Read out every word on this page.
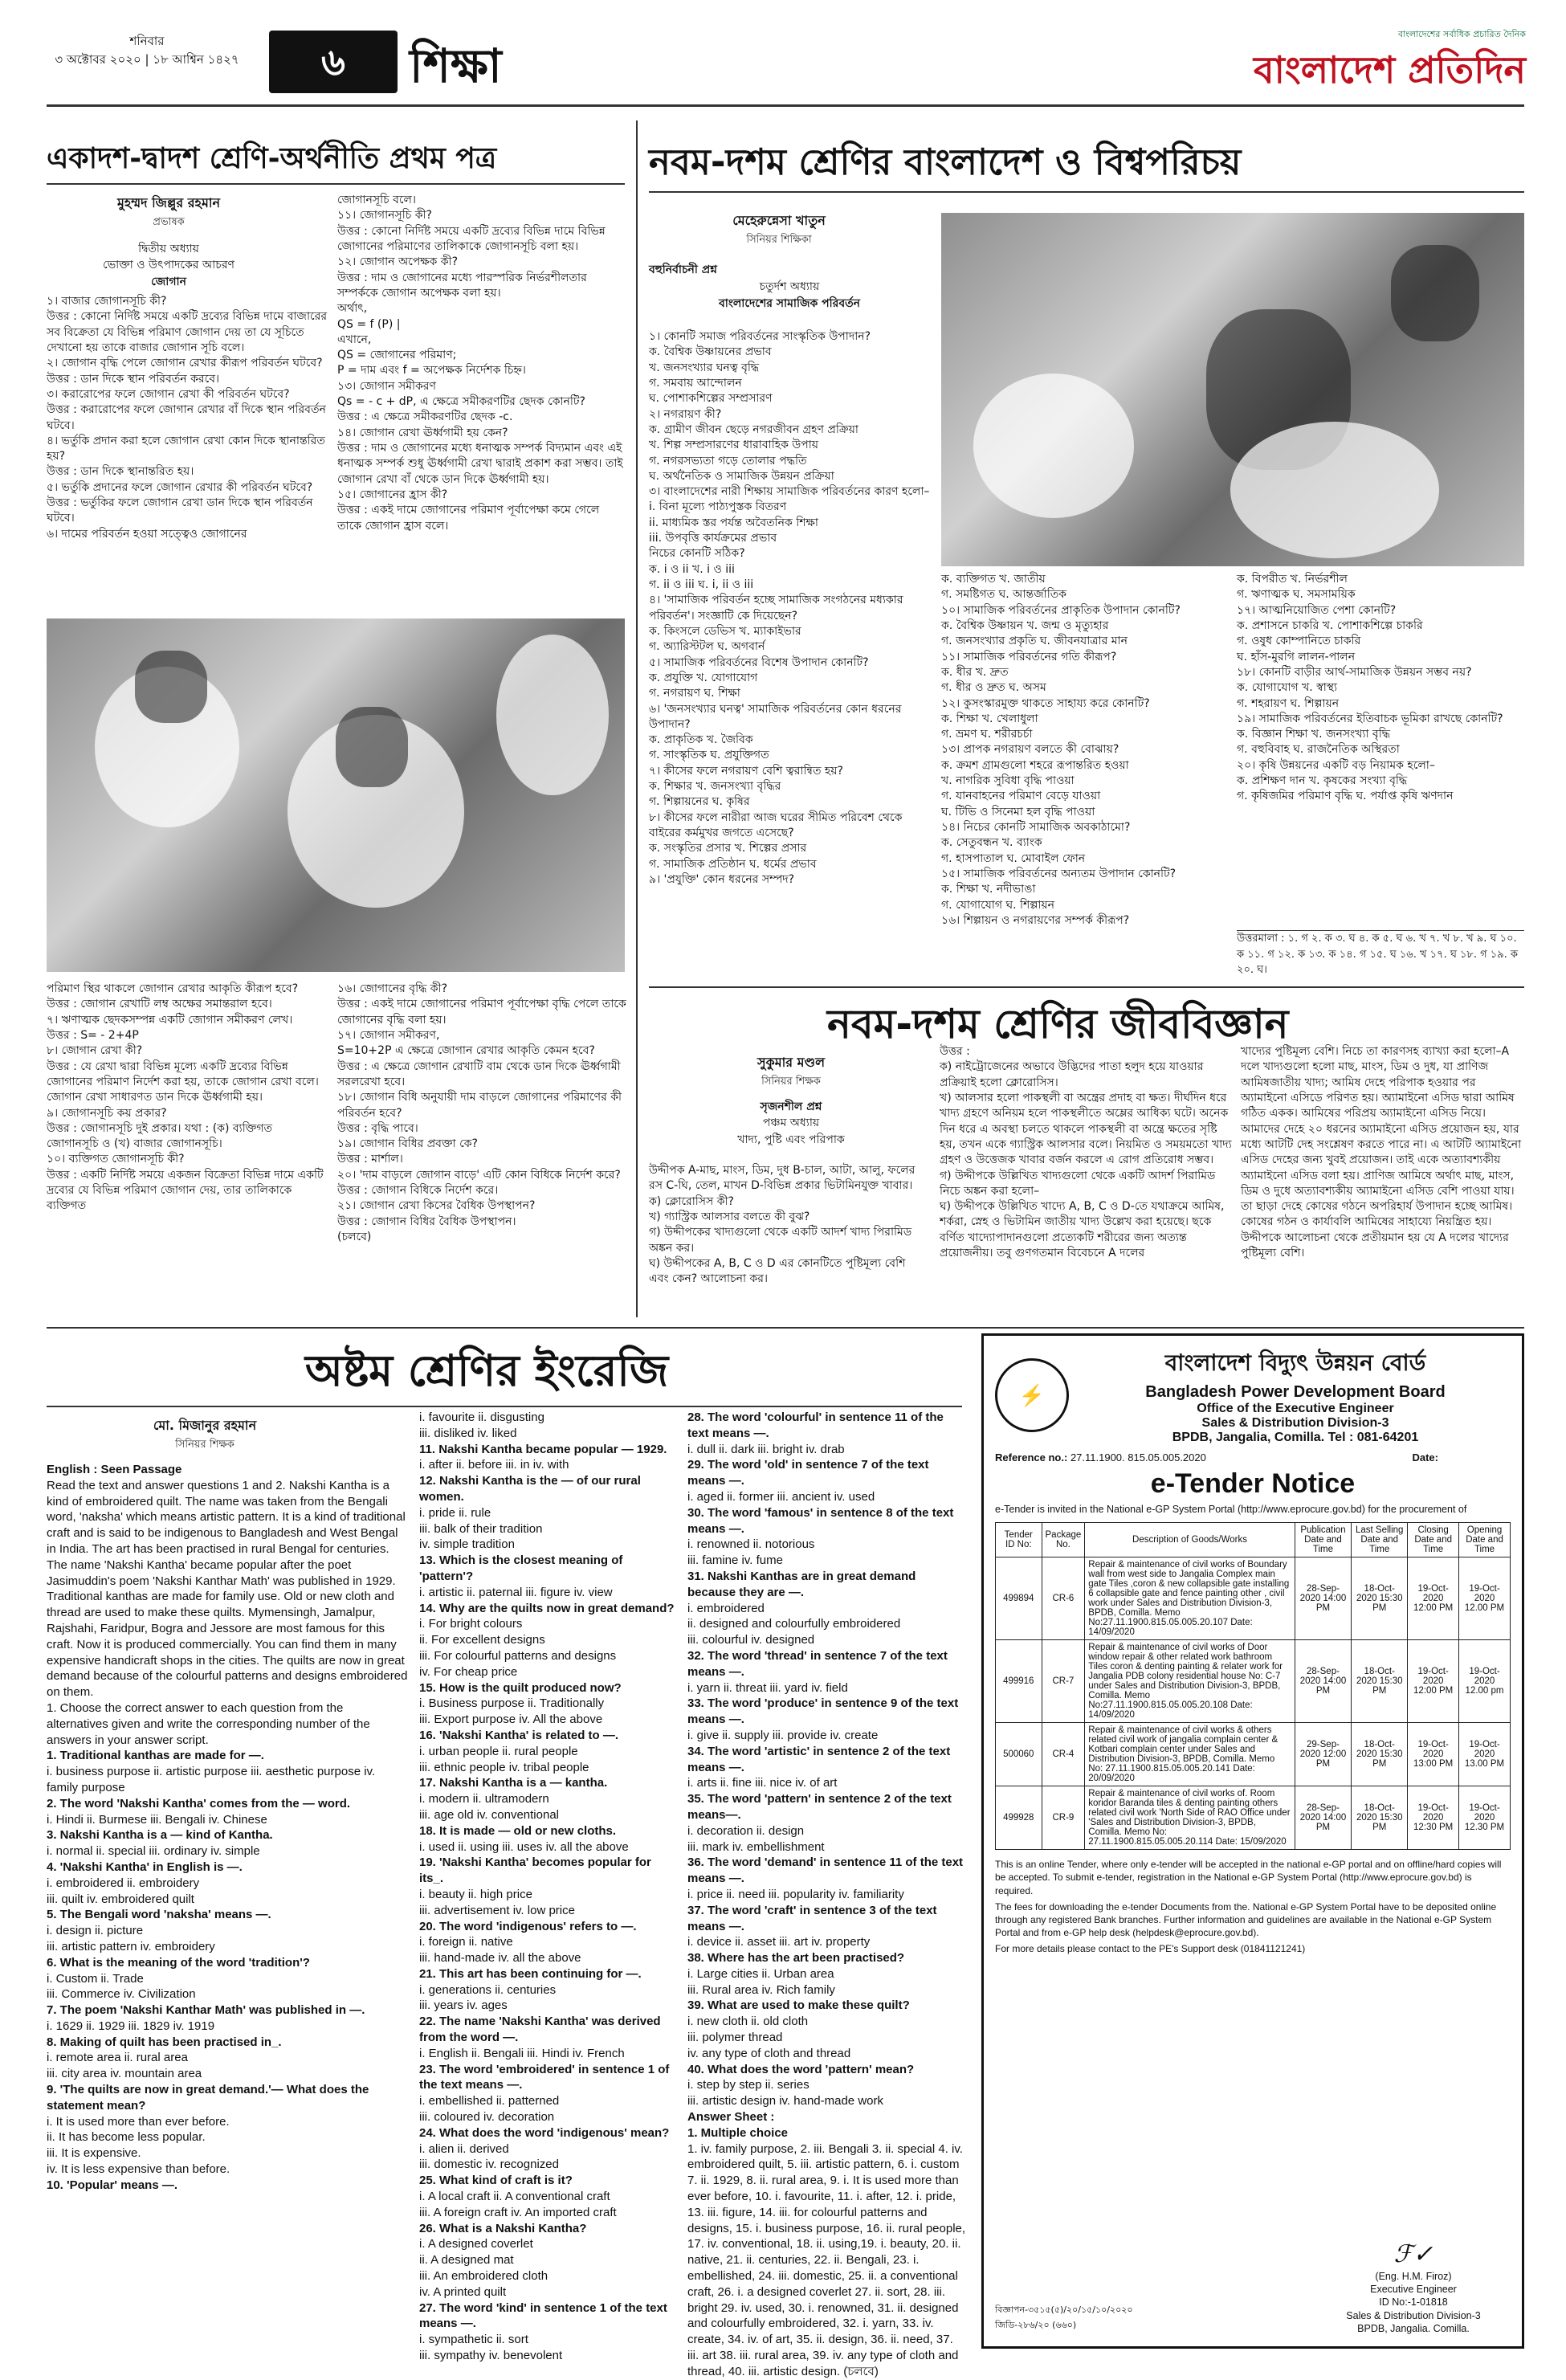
শনিবার
৩ অক্টোবর ২০২০ | ১৮ আশ্বিন ১৪২৭	৬	শিক্ষা
বাংলাদেশের সর্বাধিক প্রচারিত দৈনিক
বাংলাদেশ প্রতিদিন
একাদশ-দ্বাদশ শ্রেণি-অর্থনীতি প্রথম পত্র
মুহম্মদ জিল্লুর রহমান
প্রভাষক
দ্বিতীয় অধ্যায়
ভোক্তা ও উৎপাদকের আচরণ
জোগান
১। বাজার জোগানসূচি কী?
উত্তর : কোনো নির্দিষ্ট সময়ে একটি দ্রব্যের বিভিন্ন দামে বাজারের সব বিক্রেতা যে বিভিন্ন পরিমাণ জোগান দেয় তা যে সূচিতে দেখানো হয় তাকে বাজার জোগান সূচি বলে।
২। জোগান বৃদ্ধি পেলে জোগান রেখার কীরূপ পরিবর্তন ঘটবে?
উত্তর : ডান দিকে স্থান পরিবর্তন করবে।
৩। করারোপের ফলে জোগান রেখা কী পরিবর্তন ঘটবে?
উত্তর : করারোপের ফলে জোগান রেখার বাঁ দিকে স্থান পরিবর্তন ঘটবে।
৪। ভর্তুকি প্রদান করা হলে জোগান রেখা কোন দিকে স্থানান্তরিত হয়?
উত্তর : ডান দিকে স্থানান্তরিত হয়।
৫। ভর্তুকি প্রদানের ফলে জোগান রেখার কী পরিবর্তন ঘটবে?
উত্তর : ভর্তুকির ফলে জোগান রেখা ডান দিকে স্থান পরিবর্তন ঘটবে।
৬। দামের পরিবর্তন হওয়া সত্ত্বেও জোগানের
জোগানসূচি বলে।
১১। জোগানসূচি কী?
উত্তর : কোনো নির্দিষ্ট সময়ে একটি দ্রব্যের বিভিন্ন দামে বিভিন্ন জোগানের পরিমাণের তালিকাকে জোগানসূচি বলা হয়।
১২। জোগান অপেক্ষক কী?
উত্তর : দাম ও জোগানের মধ্যে পারস্পরিক নির্ভরশীলতার সম্পর্ককে জোগান অপেক্ষক বলা হয়।
অর্থাৎ,
QS = f (P) |
এখানে,
QS = জোগানের পরিমাণ;
P = দাম এবং f = অপেক্ষক নির্দেশক চিহ্ন।
১৩। জোগান সমীকরণ
Qs = - c + dP, এ ক্ষেত্রে সমীকরণটির ছেদক কোনটি?
উত্তর : এ ক্ষেত্রে সমীকরণটির ছেদক -c.
১৪। জোগান রেখা ঊর্ধ্বগামী হয় কেন?
উত্তর : দাম ও জোগানের মধ্যে ধনাত্মক সম্পর্ক বিদ্যমান এবং এই ধনাত্মক সম্পর্ক শুধু ঊর্ধ্বগামী রেখা দ্বারাই প্রকাশ করা সম্ভব। তাই জোগান রেখা বাঁ থেকে ডান দিকে ঊর্ধ্বগামী হয়।
১৫। জোগানের হ্রাস কী?
উত্তর : একই দামে জোগানের পরিমাণ পূর্বাপেক্ষা কমে গেলে তাকে জোগান হ্রাস বলে।
পরিমাণ স্থির থাকলে জোগান রেখার আকৃতি কীরূপ হবে?
উত্তর : জোগান রেখাটি লম্ব অক্ষের সমান্তরাল হবে।
৭। ঋণাত্মক ছেদকসম্পন্ন একটি জোগান সমীকরণ লেখ।
উত্তর : S= - 2+4P
৮। জোগান রেখা কী?
উত্তর : যে রেখা দ্বারা বিভিন্ন মূল্যে একটি দ্রব্যের বিভিন্ন জোগানের পরিমাণ নির্দেশ করা হয়, তাকে জোগান রেখা বলে। জোগান রেখা সাধারণত ডান দিকে ঊর্ধ্বগামী হয়।
৯। জোগানসূচি কয় প্রকার?
উত্তর : জোগানসূচি দুই প্রকার। যথা : (ক) ব্যক্তিগত জোগানসূচি ও (খ) বাজার জোগানসূচি।
১০। ব্যক্তিগত জোগানসূচি কী?
উত্তর : একটি নির্দিষ্ট সময়ে একজন বিক্রেতা বিভিন্ন দামে একটি দ্রব্যের যে বিভিন্ন পরিমাণ জোগান দেয়, তার তালিকাকে ব্যক্তিগত
১৬। জোগানের বৃদ্ধি কী?
উত্তর : একই দামে জোগানের পরিমাণ পূর্বাপেক্ষা বৃদ্ধি পেলে তাকে জোগানের বৃদ্ধি বলা হয়।
১৭। জোগান সমীকরণ,
S=10+2P এ ক্ষেত্রে জোগান রেখার আকৃতি কেমন হবে?
উত্তর : এ ক্ষেত্রে জোগান রেখাটি বাম থেকে ডান দিকে ঊর্ধ্বগামী সরলরেখা হবে।
১৮। জোগান বিধি অনুযায়ী দাম বাড়লে জোগানের পরিমাণের কী পরিবর্তন হবে?
উত্তর : বৃদ্ধি পাবে।
১৯। জোগান বিধির প্রবক্তা কে?
উত্তর : মার্শাল।
২০। 'দাম বাড়লে জোগান বাড়ে' এটি কোন বিধিকে নির্দেশ করে?
উত্তর : জোগান বিধিকে নির্দেশ করে।
২১। জোগান রেখা কিসের বৈধিক উপস্থাপন?
উত্তর : জোগান বিধির বৈধিক উপস্থাপন।
(চলবে)
নবম-দশম শ্রেণির বাংলাদেশ ও বিশ্বপরিচয়
মেহেরুন্নেসা খাতুন
সিনিয়র শিক্ষিকা
বহুনির্বাচনী প্রশ্ন
চতুর্দশ অধ্যায়
বাংলাদেশের সামাজিক পরিবর্তন
১। কোনটি সমাজ পরিবর্তনের সাংস্কৃতিক উপাদান?
ক. বৈশ্বিক উষ্ণায়নের প্রভাব
খ. জনসংখ্যার ঘনত্ব বৃদ্ধি
গ. সমবায় আন্দোলন
ঘ. পোশাকশিল্পের সম্প্রসারণ
২। নগরায়ণ কী?
ক. গ্রামীণ জীবন ছেড়ে নগরজীবন গ্রহণ প্রক্রিয়া
খ. শিল্প সম্প্রসারণের ধারাবাহিক উপায়
গ. নগরসভ্যতা গড়ে তোলার পদ্ধতি
ঘ. অর্থনৈতিক ও সামাজিক উন্নয়ন প্রক্রিয়া
৩। বাংলাদেশের নারী শিক্ষায় সামাজিক পরিবর্তনের কারণ হলো–
i. বিনা মূল্যে পাঠ্যপুস্তক বিতরণ
ii. মাধ্যমিক স্তর পর্যন্ত অবৈতনিক শিক্ষা
iii. উপবৃত্তি কার্যক্রমের প্রভাব
নিচের কোনটি সঠিক?
ক. i ও ii খ. i ও iii
গ. ii ও iii ঘ. i, ii ও iii
৪। 'সামাজিক পরিবর্তন হচ্ছে সামাজিক সংগঠনের মধ্যকার পরিবর্তন'। সংজ্ঞাটি কে দিয়েছেন?
ক. কিংসলে ডেভিস খ. ম্যাকাইভার
গ. অ্যারিস্টটল ঘ. অগবার্ন
৫। সামাজিক পরিবর্তনের বিশেষ উপাদান কোনটি?
ক. প্রযুক্তি খ. যোগাযোগ
গ. নগরায়ণ ঘ. শিক্ষা
৬। 'জনসংখ্যার ঘনত্ব' সামাজিক পরিবর্তনের কোন ধরনের উপাদান?
ক. প্রাকৃতিক খ. জৈবিক
গ. সাংস্কৃতিক ঘ. প্রযুক্তিগত
৭। কীসের ফলে নগরায়ণ বেশি ত্বরান্বিত হয়?
ক. শিক্ষার খ. জনসংখ্যা বৃদ্ধির
গ. শিল্পায়নের ঘ. কৃষির
৮। কীসের ফলে নারীরা আজ ঘরের সীমিত পরিবেশ থেকে বাইরের কর্মমুখর জগতে এসেছে?
ক. সংস্কৃতির প্রসার খ. শিল্পের প্রসার
গ. সামাজিক প্রতিষ্ঠান ঘ. ধর্মের প্রভাব
৯। 'প্রযুক্তি' কোন ধরনের সম্পদ?
ক. ব্যক্তিগত খ. জাতীয়
গ. সমষ্টিগত ঘ. আন্তর্জাতিক
১০। সামাজিক পরিবর্তনের প্রাকৃতিক উপাদান কোনটি?
ক. বৈশ্বিক উষ্ণায়ন খ. জন্ম ও মৃত্যুহার
গ. জনসংখ্যার প্রকৃতি ঘ. জীবনযাত্রার মান
১১। সামাজিক পরিবর্তনের গতি কীরূপ?
ক. ধীর খ. দ্রুত
গ. ধীর ও দ্রুত ঘ. অসম
১২। কুসংস্কারমুক্ত থাকতে সাহায্য করে কোনটি?
ক. শিক্ষা খ. খেলাধুলা
গ. ভ্রমণ ঘ. শরীরচর্চা
১৩। প্রাপক নগরায়ণ বলতে কী বোঝায়?
ক. ক্রমশ গ্রামগুলো শহরে রূপান্তরিত হওয়া
খ. নাগরিক সুবিধা বৃদ্ধি পাওয়া
গ. যানবাহনের পরিমাণ বেড়ে যাওয়া
ঘ. টিভি ও সিনেমা হল বৃদ্ধি পাওয়া
১৪। নিচের কোনটি সামাজিক অবকাঠামো?
ক. সেতুবন্ধন খ. ব্যাংক
গ. হাসপাতাল ঘ. মোবাইল ফোন
১৫। সামাজিক পরিবর্তনের অন্যতম উপাদান কোনটি?
ক. শিক্ষা খ. নদীভাঙা
গ. যোগাযোগ ঘ. শিল্পায়ন
১৬। শিল্পায়ন ও নগরায়ণের সম্পর্ক কীরূপ?
ক. বিপরীত খ. নির্ভরশীল
গ. ঋণাত্মক ঘ. সমসাময়িক
১৭। আত্মনিয়োজিত পেশা কোনটি?
ক. প্রশাসনে চাকরি খ. পোশাকশিল্পে চাকরি
গ. ওষুধ কোম্পানিতে চাকরি
ঘ. হাঁস-মুরগি লালন-পালন
১৮। কোনটি বাড়ীর আর্থ-সামাজিক উন্নয়ন সম্ভব নয়?
ক. যোগাযোগ খ. স্বাস্থ্য
গ. শহরায়ণ ঘ. শিল্পায়ন
১৯। সামাজিক পরিবর্তনের ইতিবাচক ভূমিকা রাখছে কোনটি?
ক. বিজ্ঞান শিক্ষা খ. জনসংখ্যা বৃদ্ধি
গ. বহুবিবাহ ঘ. রাজনৈতিক অস্থিরতা
২০। কৃষি উন্নয়নের একটি বড় নিয়ামক হলো–
ক. প্রশিক্ষণ দান খ. কৃষকের সংখ্যা বৃদ্ধি
গ. কৃষিজমির পরিমাণ বৃদ্ধি ঘ. পর্যাপ্ত কৃষি ঋণদান
উত্তরমালা : ১. গ ২. ক ৩. ঘ ৪. ক ৫. ঘ ৬. খ ৭. খ ৮. খ ৯. ঘ ১০. ক ১১. গ ১২. ক ১৩. ক ১৪. গ ১৫. ঘ ১৬. খ ১৭. ঘ ১৮. গ ১৯. ক ২০. ঘ।
নবম-দশম শ্রেণির জীববিজ্ঞান
সুকুমার মণ্ডল
সিনিয়র শিক্ষক
সৃজনশীল প্রশ্ন
পঞ্চম অধ্যায়
খাদ্য, পুষ্টি এবং পরিপাক
উদ্দীপক A-মাছ, মাংস, ডিম, দুধ B-চাল, আটা, আলু, ফলের রস C-ঘি, তেল, মাখন D-বিভিন্ন প্রকার ভিটামিনযুক্ত খাবার।
ক) ক্লোরোসিস কী?
খ) গ্যাস্ট্রিক আলসার বলতে কী বুঝ?
গ) উদ্দীপকের খাদ্যগুলো থেকে একটি আদর্শ খাদ্য পিরামিড অঙ্কন কর।
ঘ) উদ্দীপকের A, B, C ও D এর কোনটিতে পুষ্টিমূল্য বেশি এবং কেন? আলোচনা কর।
উত্তর :
ক) নাইট্রোজেনের অভাবে উদ্ভিদের পাতা হলুদ হয়ে যাওয়ার প্রক্রিয়াই হলো ক্লোরোসিস।
খ) আলসার হলো পাকস্থলী বা অন্ত্রের প্রদাহ বা ক্ষত। দীর্ঘদিন ধরে খাদ্য গ্রহণে অনিয়ম হলে পাকস্থলীতে অম্লের আধিক্য ঘটে। অনেক দিন ধরে এ অবস্থা চলতে থাকলে পাকস্থলী বা অন্ত্রে ক্ষতের সৃষ্টি হয়, তখন একে গ্যাস্ট্রিক আলসার বলে। নিয়মিত ও সময়মতো খাদ্য গ্রহণ ও উত্তেজক খাবার বর্জন করলে এ রোগ প্রতিরোধ সম্ভব।
গ) উদ্দীপকে উল্লিখিত খাদ্যগুলো থেকে একটি আদর্শ পিরামিড নিচে অঙ্কন করা হলো–
ঘ) উদ্দীপকে উল্লিখিত খাদ্যে A, B, C ও D-তে যথাক্রমে আমিষ, শর্করা, স্নেহ ও ভিটামিন জাতীয় খাদ্য উল্লেখ করা হয়েছে। ছকে বর্ণিত খাদ্যোপাদানগুলো প্রত্যেকটি শরীরের জন্য অত্যন্ত প্রয়োজনীয়। তবু গুণগতমান বিবেচনে A দলের
খাদ্যের পুষ্টিমূল্য বেশি। নিচে তা কারণসহ ব্যাখ্যা করা হলো–A দলে খাদ্যগুলো হলো মাছ, মাংস, ডিম ও দুধ, যা প্রাণিজ আমিষজাতীয় খাদ্য; আমিষ দেহে পরিপাক হওয়ার পর অ্যামাইনো এসিডে পরিণত হয়। অ্যামাইনো এসিড দ্বারা আমিষ গঠিত একক। আমিষের পরিপ্রয় অ্যামাইনো এসিড নিয়ে। আমাদের দেহে ২০ ধরনের অ্যামাইনো এসিড প্রয়োজন হয়, যার মধ্যে আটটি দেহ সংশ্লেষণ করতে পারে না। এ আটটি অ্যামাইনো এসিড দেহের জন্য খুবই প্রয়োজন। তাই একে অত্যাবশ্যকীয় অ্যামাইনো এসিড বলা হয়। প্রাণিজ আমিষে অর্থাৎ মাছ, মাংস, ডিম ও দুধে অত্যাবশ্যকীয় অ্যামাইনো এসিড বেশি পাওয়া যায়। তা ছাড়া দেহে কোষের গঠনে অপরিহার্য উপাদান হচ্ছে আমিষ। কোষের গঠন ও কার্যাবলি আমিষের সাহায্যে নিয়ন্ত্রিত হয়। উদ্দীপকে আলোচনা থেকে প্রতীয়মান হয় যে A দলের খাদ্যের পুষ্টিমূল্য বেশি।
অষ্টম শ্রেণির ইংরেজি
মো. মিজানুর রহমান
সিনিয়র শিক্ষক
English : Seen Passage
Read the text and answer questions 1 and 2. Nakshi Kantha is a kind of embroidered quilt. The name was taken from the Bengali word, 'naksha' which means artistic pattern. It is a kind of traditional craft and is said to be indigenous to Bangladesh and West Bengal in India. The art has been practised in rural Bengal for centuries. The name 'Nakshi Kantha' became popular after the poet Jasimuddin's poem 'Nakshi Kanthar Math' was published in 1929. Traditional kanthas are made for family use. Old or new cloth and thread are used to make these quilts. Mymensingh, Jamalpur, Rajshahi, Faridpur, Bogra and Jessore are most famous for this craft. Now it is produced commercially. You can find them in many expensive handicraft shops in the cities. The quilts are now in great demand because of the colourful patterns and designs embroidered on them.
1. Choose the correct answer to each question from the alternatives given and write the corresponding number of the answers in your answer script.
1. Traditional kanthas are made for —.
i. business purpose ii. artistic purpose iii. aesthetic purpose iv. family purpose
2. The word 'Nakshi Kantha' comes from the — word.
i. Hindi ii. Burmese iii. Bengali iv. Chinese
3. Nakshi Kantha is a — kind of Kantha.
i. normal ii. special iii. ordinary iv. simple
4. 'Nakshi Kantha' in English is —.
i. embroidered ii. embroidery
iii. quilt iv. embroidered quilt
5. The Bengali word 'naksha' means —.
i. design ii. picture
iii. artistic pattern iv. embroidery
6. What is the meaning of the word 'tradition'?
i. Custom ii. Trade
iii. Commerce iv. Civilization
7. The poem 'Nakshi Kanthar Math' was published in —.
i. 1629 ii. 1929 iii. 1829 iv. 1919
8. Making of quilt has been practised in_.
i. remote area ii. rural area
iii. city area iv. mountain area
9. 'The quilts are now in great demand.'— What does the statement mean?
i. It is used more than ever before.
ii. It has become less popular.
iii. It is expensive.
iv. It is less expensive than before.
10. 'Popular' means —.
i. favourite ii. disgusting
iii. disliked iv. liked
11. Nakshi Kantha became popular — 1929.
i. after ii. before iii. in iv. with
12. Nakshi Kantha is the — of our rural women.
i. pride ii. rule
iii. balk of their tradition
iv. simple tradition
13. Which is the closest meaning of 'pattern'?
i. artistic ii. paternal iii. figure iv. view
14. Why are the quilts now in great demand?
i. For bright colours
ii. For excellent designs
iii. For colourful patterns and designs
iv. For cheap price
15. How is the quilt produced now?
i. Business purpose ii. Traditionally
iii. Export purpose iv. All the above
16. 'Nakshi Kantha' is related to —.
i. urban people ii. rural people
iii. ethnic people iv. tribal people
17. Nakshi Kantha is a — kantha.
i. modern ii. ultramodern
iii. age old iv. conventional
18. It is made — old or new cloths.
i. used ii. using iii. uses iv. all the above
19. 'Nakshi Kantha' becomes popular for its_.
i. beauty ii. high price
iii. advertisement iv. low price
20. The word 'indigenous' refers to —.
i. foreign ii. native
iii. hand-made iv. all the above
21. This art has been continuing for —.
i. generations ii. centuries
iii. years iv. ages
22. The name 'Nakshi Kantha' was derived from the word —.
i. English ii. Bengali iii. Hindi iv. French
23. The word 'embroidered' in sentence 1 of the text means —.
i. embellished ii. patterned
iii. coloured iv. decoration
24. What does the word 'indigenous' mean?
i. alien ii. derived
iii. domestic iv. recognized
25. What kind of craft is it?
i. A local craft ii. A conventional craft
iii. A foreign craft iv. An imported craft
26. What is a Nakshi Kantha?
i. A designed coverlet
ii. A designed mat
iii. An embroidered cloth
iv. A printed quilt
27. The word 'kind' in sentence 1 of the text means —.
i. sympathetic ii. sort
iii. sympathy iv. benevolent
28. The word 'colourful' in sentence 11 of the text means —.
i. dull ii. dark iii. bright iv. drab
29. The word 'old' in sentence 7 of the text means —.
i. aged ii. former iii. ancient iv. used
30. The word 'famous' in sentence 8 of the text means —.
i. renowned ii. notorious
iii. famine iv. fume
31. Nakshi Kanthas are in great demand because they are —.
i. embroidered
ii. designed and colourfully embroidered
iii. colourful iv. designed
32. The word 'thread' in sentence 7 of the text means —.
i. yarn ii. threat iii. yard iv. field
33. The word 'produce' in sentence 9 of the text means —.
i. give ii. supply iii. provide iv. create
34. The word 'artistic' in sentence 2 of the text means —.
i. arts ii. fine iii. nice iv. of art
35. The word 'pattern' in sentence 2 of the text means—.
i. decoration ii. design
iii. mark iv. embellishment
36. The word 'demand' in sentence 11 of the text means —.
i. price ii. need iii. popularity iv. familiarity
37. The word 'craft' in sentence 3 of the text means —.
i. device ii. asset iii. art iv. property
38. Where has the art been practised?
i. Large cities ii. Urban area
iii. Rural area iv. Rich family
39. What are used to make these quilt?
i. new cloth ii. old cloth
iii. polymer thread
iv. any type of cloth and thread
40. What does the word 'pattern' mean?
i. step by step ii. series
iii. artistic design iv. hand-made work
Answer Sheet :
1. Multiple choice
1. iv. family purpose, 2. iii. Bengali 3. ii. special 4. iv. embroidered quilt, 5. iii. artistic pattern, 6. i. custom 7. ii. 1929, 8. ii. rural area, 9. i. It is used more than ever before, 10. i. favourite, 11. i. after, 12. i. pride, 13. iii. figure, 14. iii. for colourful patterns and designs, 15. i. business purpose, 16. ii. rural people, 17. iv. conventional, 18. ii. using,19. i. beauty, 20. ii. native, 21. ii. centuries, 22. ii. Bengali, 23. i. embellished, 24. iii. domestic, 25. ii. a conventional craft, 26. i. a designed coverlet 27. ii. sort, 28. iii. bright 29. iv. used, 30. i. renowned, 31. ii. designed and colourfully embroidered, 32. i. yarn, 33. iv. create, 34. iv. of art, 35. ii. design, 36. ii. need, 37. iii. art 38. iii. rural area, 39. iv. any type of cloth and thread, 40. iii. artistic design. (চলবে)
⚡
বাংলাদেশ বিদ্যুৎ উন্নয়ন বোর্ড
Bangladesh Power Development Board
Office of the Executive Engineer
Sales & Distribution Division-3
BPDB, Jangalia, Comilla. Tel : 081-64201
Reference no.: 27.11.1900. 815.05.005.2020	Date:
e-Tender Notice
e-Tender is invited in the National e-GP System Portal (http://www.eprocure.gov.bd) for the procurement of
Tender ID No:	Package No.	Description of Goods/Works	Publication Date and Time	Last Selling Date and Time	Closing Date and Time	Opening Date and Time
499894	CR-6	Repair & maintenance of civil works of Boundary wall from west side to Jangalia Complex main gate Tiles ,coron & new collapsible gate installing 6 collapsible gate and fence painting other , civil work under Sales and Distribution Division-3, BPDB, Comilla. Memo No:27.11.1900.815.05.005.20.107 Date: 14/09/2020	28-Sep-2020 14:00 PM	18-Oct-2020 15:30 PM	19-Oct-2020 12:00 PM	19-Oct-2020 12.00 PM
499916	CR-7	Repair & maintenance of civil works of Door window repair & other related work bathroom Tiles coron & denting painting & relater work for Jangalia PDB colony residential house No: C-7 under Sales and Distribution Division-3, BPDB, Comilla. Memo No:27.11.1900.815.05.005.20.108 Date: 14/09/2020	28-Sep-2020 14:00 PM	18-Oct-2020 15:30 PM	19-Oct-2020 12:00 PM	19-Oct-2020 12.00 pm
500060	CR-4	Repair & maintenance of civil works & others related civil work of jangalia complain center & Kotbari complain center under Sales and Distribution Division-3, BPDB, Comilla. Memo No: 27.11.1900.815.05.005.20.141 Date: 20/09/2020	29-Sep-2020 12:00 PM	18-Oct-2020 15:30 PM	19-Oct-2020 13:00 PM	19-Oct-2020 13.00 PM
499928	CR-9	Repair & maintenance of civil works of. Room koridor Baranda tiles & denting painting others related civil work 'North Side of RAO Office under 'Sales and Distribution Division-3, BPDB, Comilla. Memo No: 27.11.1900.815.05.005.20.114 Date: 15/09/2020	28-Sep-2020 14:00 PM	18-Oct-2020 15:30 PM	19-Oct-2020 12:30 PM	19-Oct-2020 12.30 PM

This is an online Tender, where only e-tender will be accepted in the national e-GP portal and on offline/hard copies will be accepted. To submit e-tender, registration in the National e-GP System Portal (http://www.eprocure.gov.bd) is required.

The fees for downloading the e-tender Documents from the. National e-GP System Portal have to be deposited online through any registered Bank branches. Further information and guidelines are available in the National e-GP System Portal and from e-GP help desk (helpdesk@eprocure.gov.bd).

For more details please contact to the PE's Support desk (01841121241)

ℱ✓
(Eng. H.M. Firoz)
Executive Engineer
ID No:-1-01818
Sales & Distribution Division-3
BPDB, Jangalia. Comilla.
বিজ্ঞাপন-৩৫১৫(৫)/২০/১৫/১০/২০২০
জিডি-২৮৬/২০ (৬৬০)
